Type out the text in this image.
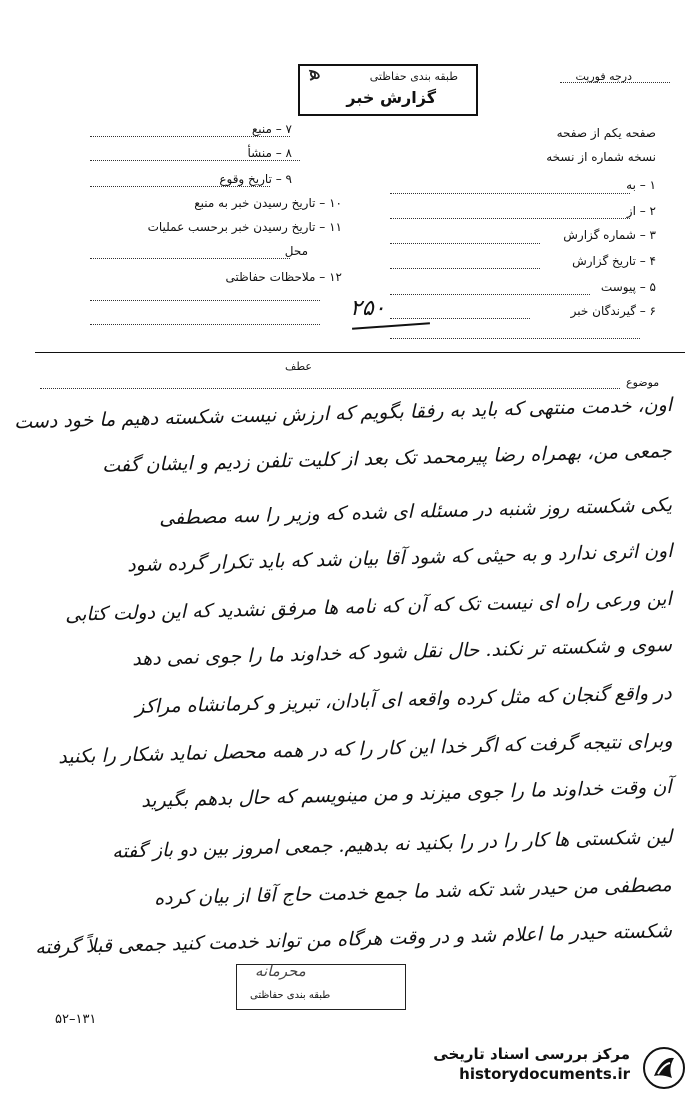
طبقه بندی حفاظتی
گزارش خبر
ﻫ	درجه فوریت
صفحه یکم از صفحه
نسخه شماره از نسخه
۱ – به
۲ – از
۳ – شماره گزارش
۴ – تاریخ گزارش
۵ – پیوست
۶ – گیرندگان خبر
۷ – منبع
۸ – منشأ
۹ – تاریخ وقوع
۱۰ – تاریخ رسیدن خبر به منبع
۱۱ – تاریخ رسیدن خبر برحسب عملیات
محل
۱۲ – ملاحظات حفاظتی
۲۵۰
عطف
موضوع
اون، خدمت منتهی که باید به رفقا بگویم که ارزش نیست شکسته دهیم ما خود دست
جمعی من، بهمراه رضا پیرمحمد تک بعد از کلیت تلفن زدیم و ایشان گفت
یکی شکسته روز شنبه در مسئله ای شده که وزیر را سه مصطفی
اون اثری ندارد و به حیثی که شود آقا بیان شد که باید تکرار گرده شود
این ورعی راه ای نیست تک که آن که نامه ها مرفق نشدید که این دولت کتابی
سوی و شکسته تر نکند. حال نقل شود که خداوند ما را جوی نمی دهد
در واقع گنجان که مثل کرده واقعه ای آبادان، تبریز و کرمانشاه مراکز
وبرای نتیجه گرفت که اگر خدا این کار را که در همه محصل نماید شکار را بکنید
آن وقت خداوند ما را جوی میزند و من مینویسم که حال بدهم بگیرید
لین شکستی ها کار را در را بکنید نه بدهیم. جمعی امروز بین دو باز گفته
مصطفی من حیدر شد تکه شد ما جمع خدمت حاج آقا از بیان کرده
شکسته حیدر ما اعلام شد و در وقت هرگاه من تواند خدمت کنید جمعی قبلاً گرفته
محرمانه
طبقه بندی حفاظتی
۵۲–۱۳۱
مرکز بررسی اسناد تاریخی
historydocuments.ir
